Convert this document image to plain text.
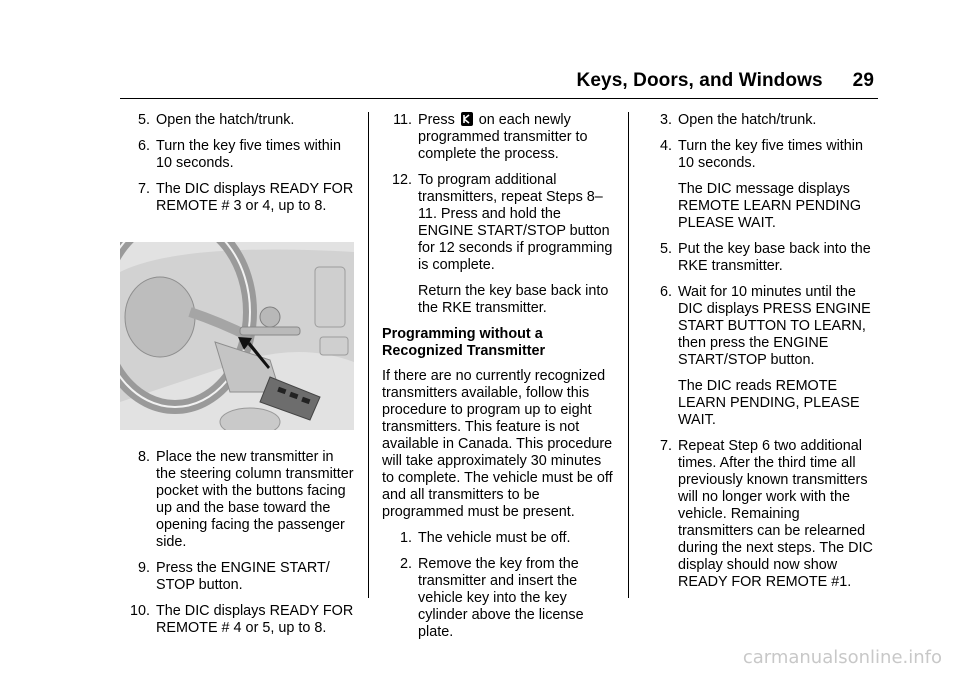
Keys, Doors, and Windows 29
5. Open the hatch/trunk.
6. Turn the key five times within 10 seconds.
7. The DIC displays READY FOR REMOTE # 3 or 4, up to 8.
8. Place the new transmitter in the steering column transmitter pocket with the buttons facing up and the base toward the opening facing the passenger side.
9. Press the ENGINE START/ STOP button.
10. The DIC displays READY FOR REMOTE # 4 or 5, up to 8.
11. Press on each newly programmed transmitter to complete the process.
12. To program additional transmitters, repeat Steps 8–11. Press and hold the ENGINE START/STOP button for 12 seconds if programming is complete.
Return the key base back into the RKE transmitter.
Programming without a Recognized Transmitter
If there are no currently recognized transmitters available, follow this procedure to program up to eight transmitters. This feature is not available in Canada. This procedure will take approximately 30 minutes to complete. The vehicle must be off and all transmitters to be programmed must be present.
1. The vehicle must be off.
2. Remove the key from the transmitter and insert the vehicle key into the key cylinder above the license plate.
3. Open the hatch/trunk.
4. Turn the key five times within 10 seconds.
The DIC message displays REMOTE LEARN PENDING PLEASE WAIT.
5. Put the key base back into the RKE transmitter.
6. Wait for 10 minutes until the DIC displays PRESS ENGINE START BUTTON TO LEARN, then press the ENGINE START/STOP button.
The DIC reads REMOTE LEARN PENDING, PLEASE WAIT.
7. Repeat Step 6 two additional times. After the third time all previously known transmitters will no longer work with the vehicle. Remaining transmitters can be relearned during the next steps. The DIC display should now show READY FOR REMOTE #1.
carmanualsonline.info
